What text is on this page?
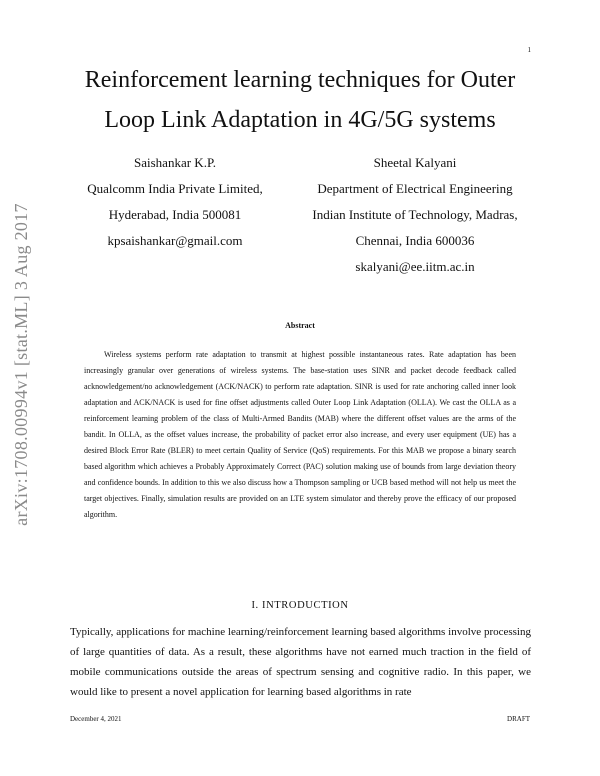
1
arXiv:1708.00994v1 [stat.ML] 3 Aug 2017
Reinforcement learning techniques for Outer Loop Link Adaptation in 4G/5G systems
Saishankar K.P.
Qualcomm India Private Limited,
Hyderabad, India 500081
kpsaishankar@gmail.com
Sheetal Kalyani
Department of Electrical Engineering
Indian Institute of Technology, Madras,
Chennai, India 600036
skalyani@ee.iitm.ac.in
Abstract

Wireless systems perform rate adaptation to transmit at highest possible instantaneous rates. Rate adaptation has been increasingly granular over generations of wireless systems. The base-station uses SINR and packet decode feedback called acknowledgement/no acknowledgement (ACK/NACK) to perform rate adaptation. SINR is used for rate anchoring called inner look adaptation and ACK/NACK is used for fine offset adjustments called Outer Loop Link Adaptation (OLLA). We cast the OLLA as a reinforcement learning problem of the class of Multi-Armed Bandits (MAB) where the different offset values are the arms of the bandit. In OLLA, as the offset values increase, the probability of packet error also increase, and every user equipment (UE) has a desired Block Error Rate (BLER) to meet certain Quality of Service (QoS) requirements. For this MAB we propose a binary search based algorithm which achieves a Probably Approximately Correct (PAC) solution making use of bounds from large deviation theory and confidence bounds. In addition to this we also discuss how a Thompson sampling or UCB based method will not help us meet the target objectives. Finally, simulation results are provided on an LTE system simulator and thereby prove the efficacy of our proposed algorithm.

I. INTRODUCTION

Typically, applications for machine learning/reinforcement learning based algorithms involve processing of large quantities of data. As a result, these algorithms have not earned much traction in the field of mobile communications outside the areas of spectrum sensing and cognitive radio. In this paper, we would like to present a novel application for learning based algorithms in rate

December 4, 2021	DRAFT
